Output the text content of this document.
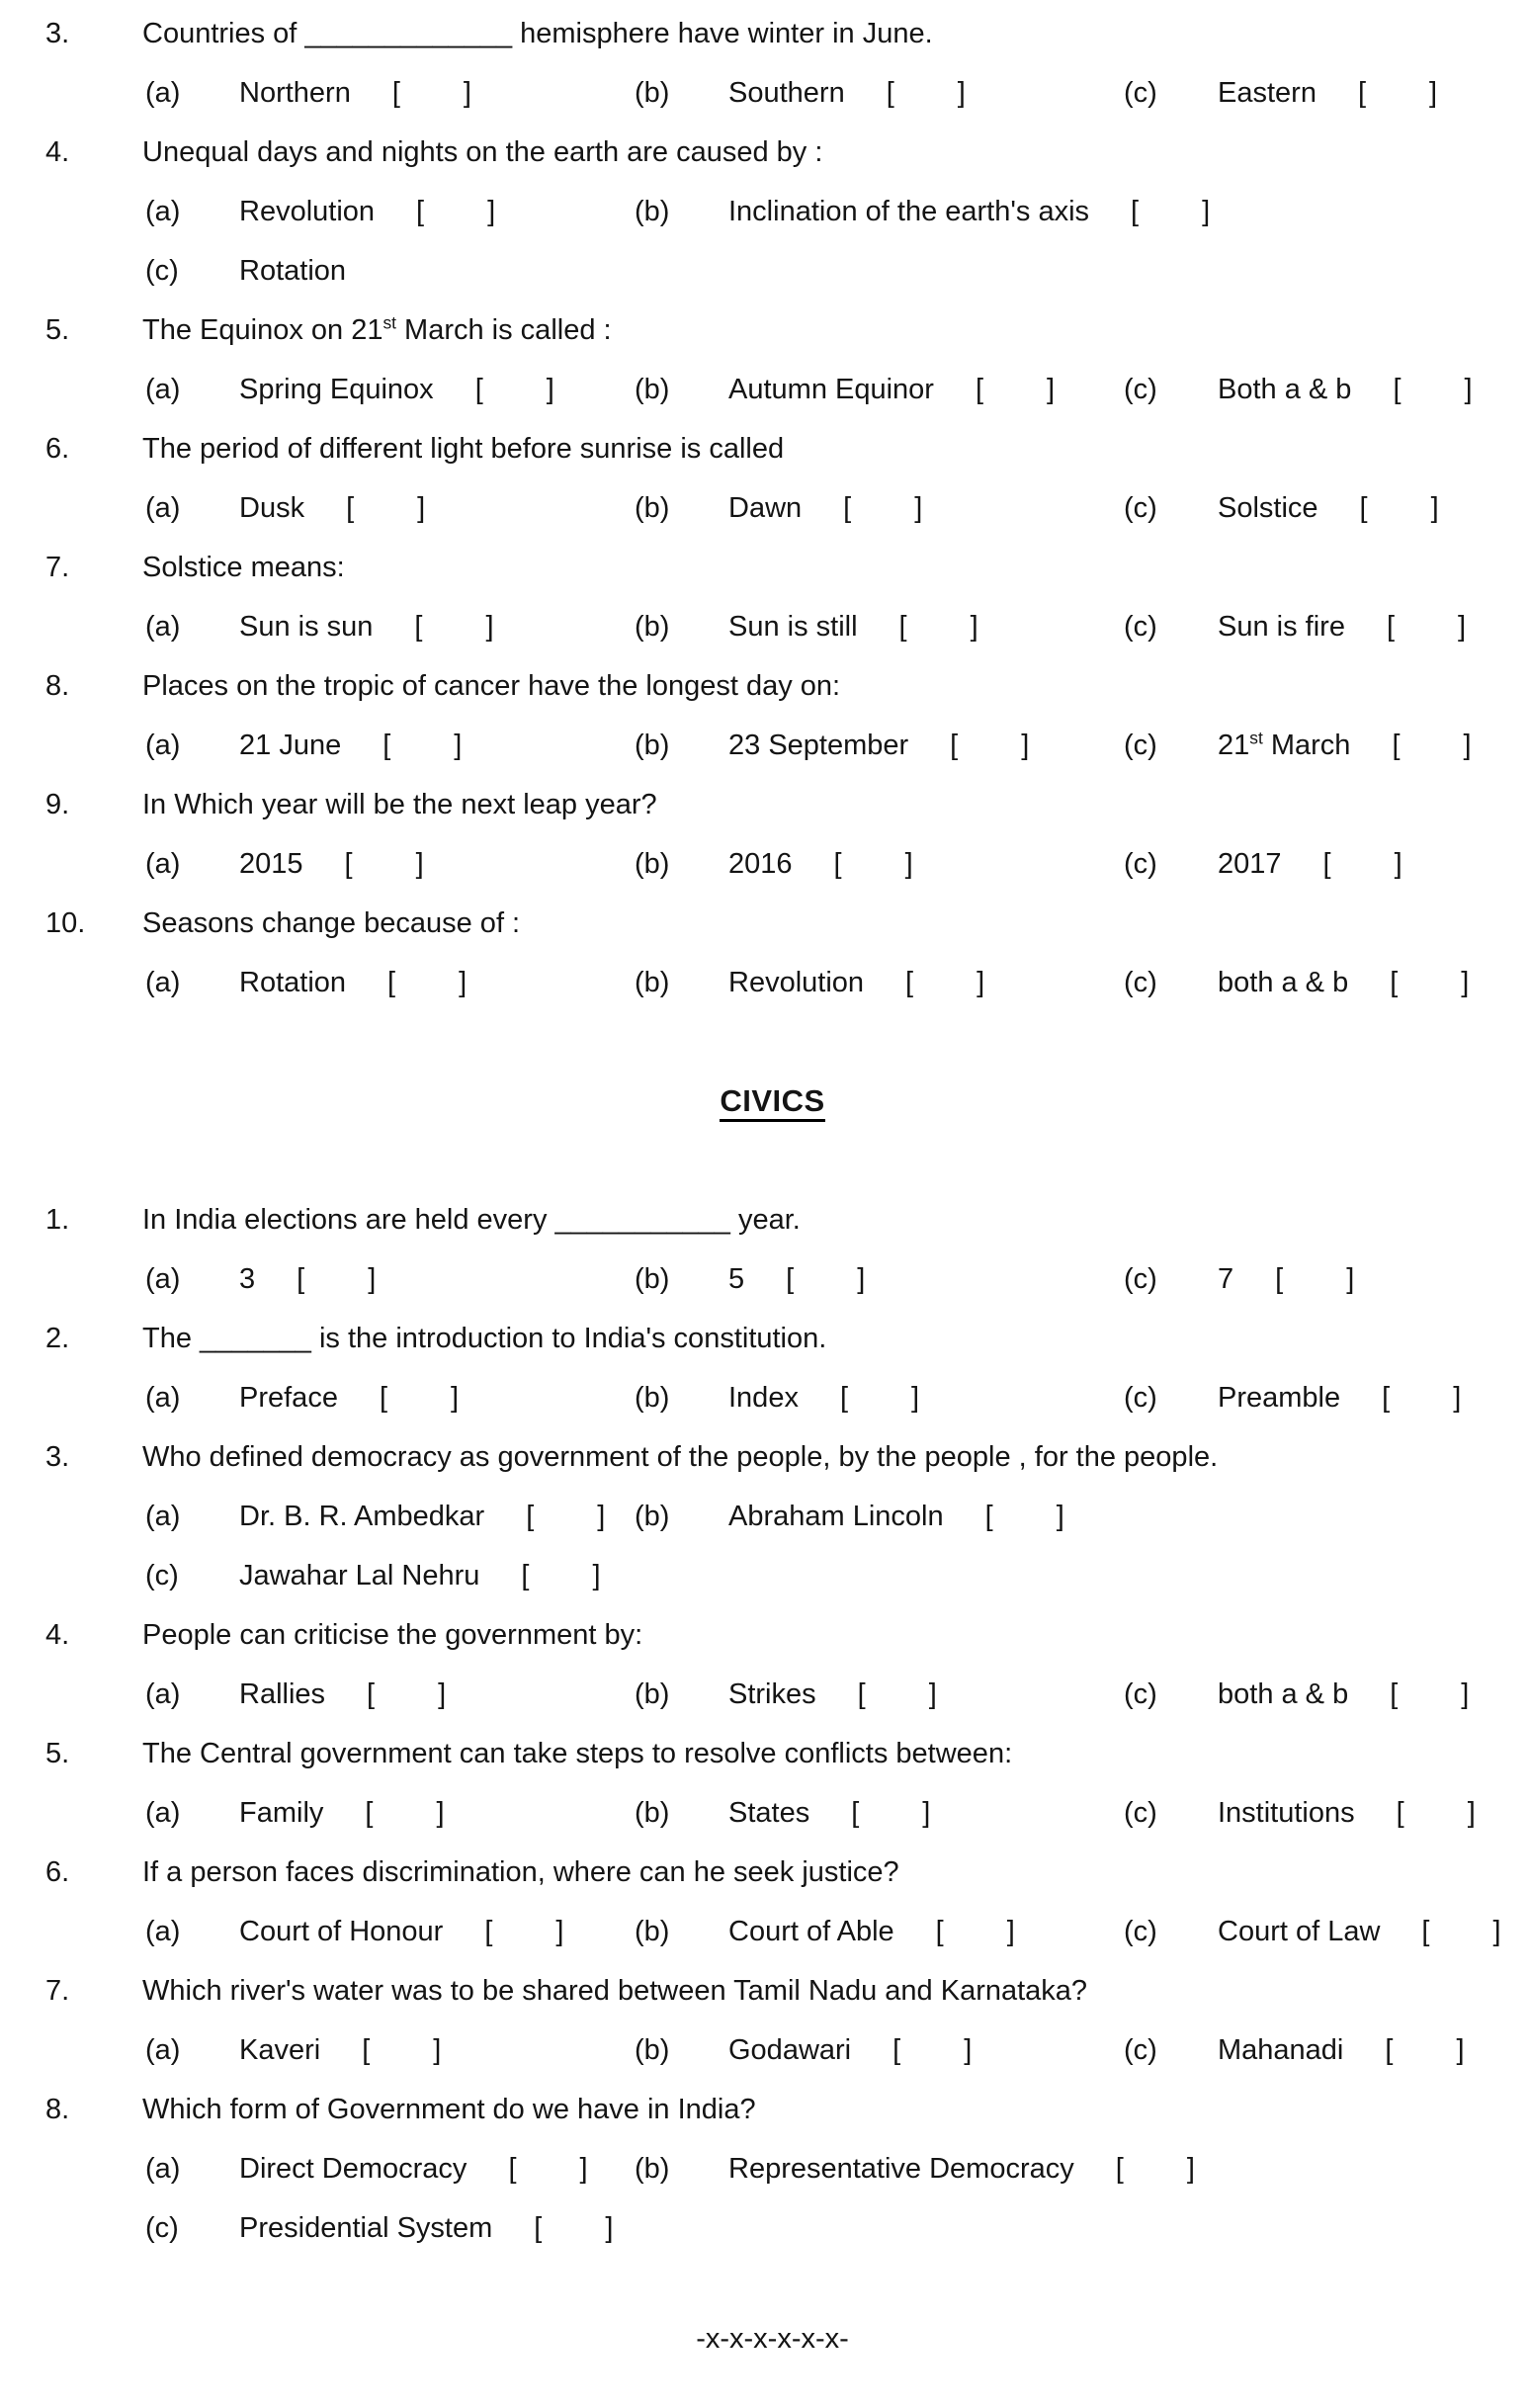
3.	Countries of _____________ hemisphere have winter in June.
(a) Northern [ ]	(b) Southern [ ]	(c) Eastern [ ]
4.	Unequal days and nights on the earth are caused by :
(a) Revolution [ ]	(b) Inclination of the earth's axis [ ]
(c) Rotation
5.	The Equinox on 21st March is called :
(a) Spring Equinox [ ]	(b) Autumn Equinor [ ] (c) Both a & b [ ]
6.	The period of different light before sunrise is called
(a) Dusk [ ]	(b) Dawn [ ]	(c) Solstice [ ]
7.	Solstice means:
(a) Sun is sun [ ]	(b) Sun is still [ ]	(c) Sun is fire [ ]
8.	Places on the tropic of cancer have the longest day on:
(a) 21 June [ ]	(b) 23 September [ ]	(c) 21st March [ ]
9.	In Which year will be the next leap year?
(a) 2015 [ ]	(b) 2016 [ ]	(c) 2017 [ ]
10.	Seasons change because of :
(a) Rotation [ ]	(b) Revolution [ ]	(c) both a & b [ ]
CIVICS
1.	In India elections are held every ___________ year.
(a) 3 [ ]	(b) 5 [ ]	(c) 7 [ ]
2.	The _______ is the introduction to India's constitution.
(a) Preface [ ]	(b) Index [ ]	(c) Preamble [ ]
3.	Who defined democracy as government of the people, by the people , for the people.
(a) Dr. B. R. Ambedkar [ ] (b) Abraham Lincoln [ ]
(c) Jawahar Lal Nehru [ ]
4.	People can criticise the government by:
(a) Rallies [ ]	(b) Strikes [ ]	(c) both a & b [ ]
5.	The Central government can take steps to resolve conflicts between:
(a) Family [ ]	(b) States [ ]	(c) Institutions [ ]
6.	If a person faces discrimination, where can he seek justice?
(a) Court of Honour [ ] (b) Court of Able [ ]	(c) Court of Law [ ]
7.	Which river's water was to be shared between Tamil Nadu and Karnataka?
(a) Kaveri [ ]	(b) Godawari [ ]	(c) Mahanadi [ ]
8.	Which form of Government do we have in India?
(a) Direct Democracy [ ] (b) Representative Democracy [ ]
(c) Presidential System [ ]
-x-x-x-x-x-x-
